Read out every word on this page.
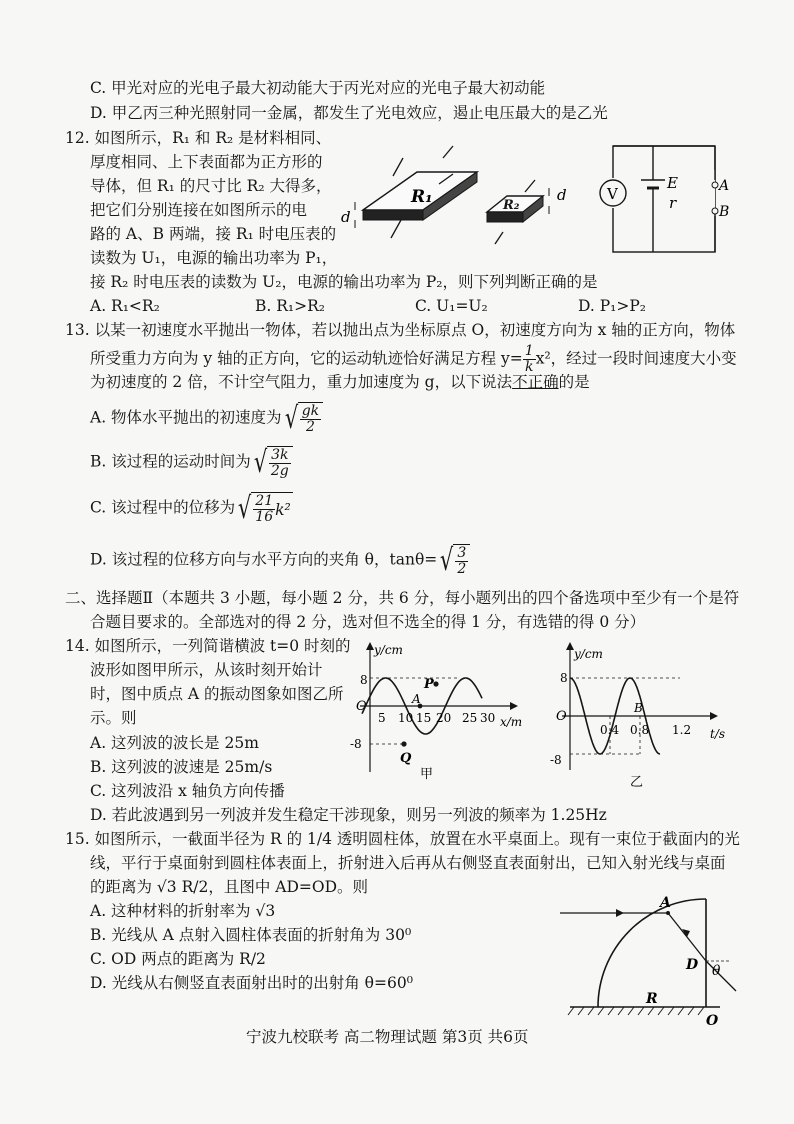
C. 甲光对应的光电子最大初动能大于丙光对应的光电子最大初动能
D. 甲乙丙三种光照射同一金属，都发生了光电效应，遏止电压最大的是乙光
12. 如图所示，R₁ 和 R₂ 是材料相同、
厚度相同、上下表面都为正方形的
导体，但 R₁ 的尺寸比 R₂ 大得多，
把它们分别连接在如图所示的电
路的 A、B 两端，接 R₁ 时电压表的
读数为 U₁，电源的输出功率为 P₁，
接 R₂ 时电压表的读数为 U₂，电源的输出功率为 P₂，则下列判断正确的是
A. R₁<R₂	B. R₁>R₂	C. U₁=U₂	D. P₁>P₂
R₁
d
R₂
d	A
B
V
E
r
13. 以某一初速度水平抛出一物体，若以抛出点为坐标原点 O，初速度方向为 x 轴的正方向，物体
所受重力方向为 y 轴的正方向，它的运动轨迹恰好满足方程 $y= \frac{1}{k} x^2$，经过一段时间速度大小变
为初速度的 2 倍，不计空气阻力，重力加速度为 g，以下说法不正确的是
A. 物体水平抛出的初速度为 √ $\frac{gk}{2}$
B. 该过程的运动时间为 √ $\frac{3k}{2g}$
C. 该过程中的位移为 √ $\frac{21}{16} k^2$
D. 该过程的位移方向与水平方向的夹角 θ，tanθ= √ $\frac{3}{2}$
二、选择题Ⅱ（本题共 3 小题，每小题 2 分，共 6 分，每小题列出的四个备选项中至少有一个是符
合题目要求的。全部选对的得 2 分，选对但不选全的得 1 分，有选错的得 0 分）
14. 如图所示，一列简谐横波 t=0 时刻的
波形如图甲所示，从该时刻开始计
时，图中质点 A 的振动图象如图乙所
示。则
A. 这列波的波长是 25m
B. 这列波的波速是 25m/s
C. 这列波沿 x 轴负方向传播
D. 若此波遇到另一列波并发生稳定干涉现象，则另一列波的频率为 1.25Hz
y/cm
x/m
O
8
-8
5 10 15 20 25 30
P
A
Q
甲
y/cm
t/s
O
8
-8
0.4 0.8 1.2
B
乙
15. 如图所示，一截面半径为 R 的 1/4 透明圆柱体，放置在水平桌面上。现有一束位于截面内的光
线，平行于桌面射到圆柱体表面上，折射进入后再从右侧竖直表面射出，已知入射光线与桌面
的距离为 √3 R/2，且图中 AD=OD。则
A. 这种材料的折射率为 √3
B. 光线从 A 点射入圆柱体表面的折射角为 30⁰
C. OD 两点的距离为 R/2
D. 光线从右侧竖直表面射出时的出射角 θ=60⁰
A
D θ
R
O
宁波九校联考 高二物理试题 第3页 共6页
